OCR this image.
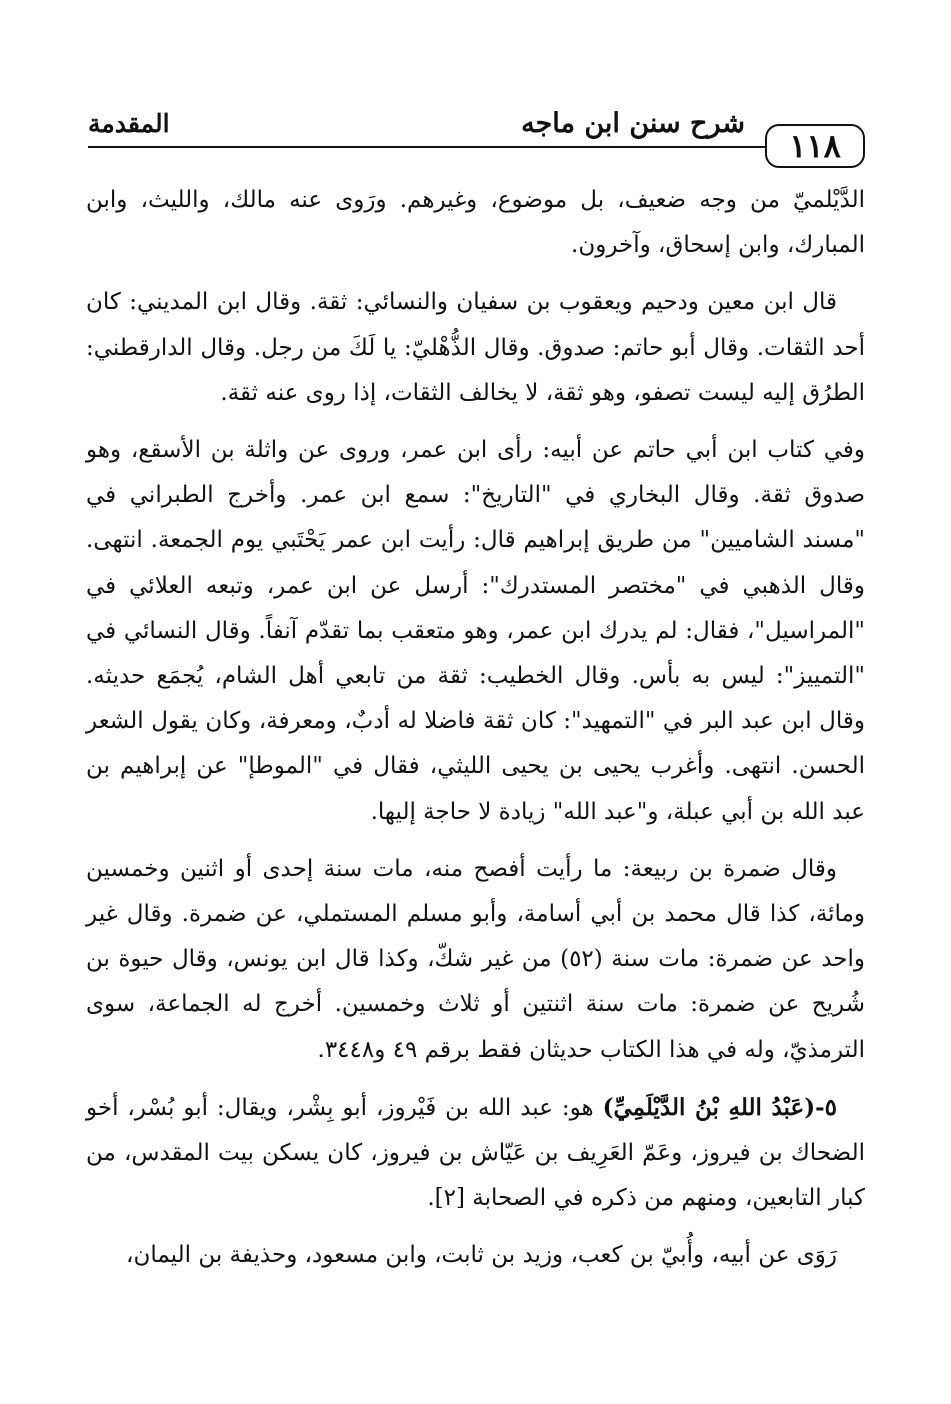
١١٨
شرح سنن ابن ماجه
المقدمة

الدَّيْلميّ من وجه ضعيف، بل موضوع، وغيرهم. ورَوى عنه مالك، والليث، وابن المبارك، وابن إسحاق، وآخرون.

قال ابن معين ودحيم ويعقوب بن سفيان والنسائي: ثقة. وقال ابن المديني: كان أحد الثقات. وقال أبو حاتم: صدوق. وقال الذُّهْليّ: يا لَكَ من رجل. وقال الدارقطني: الطرُق إليه ليست تصفو، وهو ثقة، لا يخالف الثقات، إذا روى عنه ثقة.

وفي كتاب ابن أبي حاتم عن أبيه: رأى ابن عمر، وروى عن واثلة بن الأسقع، وهو صدوق ثقة. وقال البخاري في "التاريخ": سمع ابن عمر. وأخرج الطبراني في "مسند الشاميين" من طريق إبراهيم قال: رأيت ابن عمر يَحْتَبي يوم الجمعة. انتهى. وقال الذهبي في "مختصر المستدرك": أرسل عن ابن عمر، وتبعه العلائي في "المراسيل"، فقال: لم يدرك ابن عمر، وهو متعقب بما تقدّم آنفاً. وقال النسائي في "التمييز": ليس به بأس. وقال الخطيب: ثقة من تابعي أهل الشام، يُجمَع حديثه. وقال ابن عبد البر في "التمهيد": كان ثقة فاضلا له أدبٌ، ومعرفة، وكان يقول الشعر الحسن. انتهى. وأغرب يحيى بن يحيى الليثي، فقال في "الموطإ" عن إبراهيم بن عبد الله بن أبي عبلة، و"عبد الله" زيادة لا حاجة إليها.

وقال ضمرة بن ربيعة: ما رأيت أفصح منه، مات سنة إحدى أو اثنين وخمسين ومائة، كذا قال محمد بن أبي أسامة، وأبو مسلم المستملي، عن ضمرة. وقال غير واحد عن ضمرة: مات سنة (٥٢) من غير شكّ، وكذا قال ابن يونس، وقال حيوة بن شُريح عن ضمرة: مات سنة اثنتين أو ثلاث وخمسين. أخرج له الجماعة، سوى الترمذيّ، وله في هذا الكتاب حديثان فقط برقم ٤٩ و٣٤٤٨.

٥-(عَبْدُ اللهِ بْنُ الدَّيْلَمِيِّ) هو: عبد الله بن فَيْروز، أبو بِشْر، ويقال: أبو بُسْر، أخو الضحاك بن فيروز، وعَمّ العَرِيف بن عَيّاش بن فيروز، كان يسكن بيت المقدس، من كبار التابعين، ومنهم من ذكره في الصحابة [٢].

رَوَى عن أبيه، وأُبيّ بن كعب، وزيد بن ثابت، وابن مسعود، وحذيفة بن اليمان،
